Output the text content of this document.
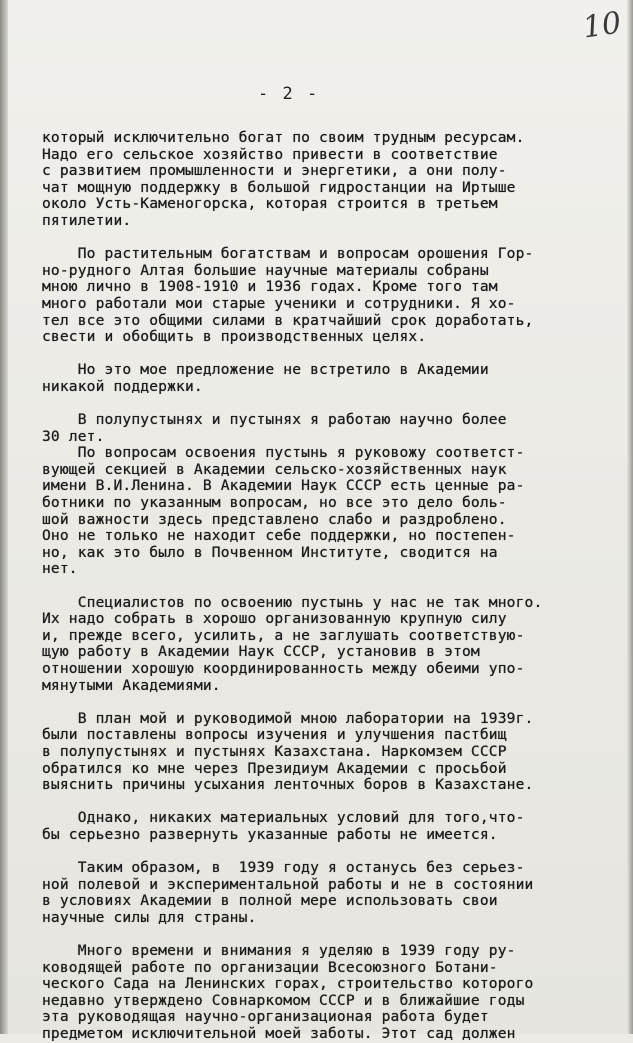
10
- 2 -
который исключительно богат по своим трудным ресурсам.
Надо его сельское хозяйство привести в соответствие
с развитием промышленности и энергетики, а они полу-
чат мощную поддержку в большой гидростанции на Иртыше
около Усть-Каменогорска, которая строится в третьем
пятилетии.
По растительным богатствам и вопросам орошения Гор-
но-рудного Алтая большие научные материалы собраны
мною лично в 1908-1910 и 1936 годах. Кроме того там
много работали мои старые ученики и сотрудники. Я хо-
тел все это общими силами в кратчайший срок доработать,
свести и обобщить в производственных целях.
Но это мое предложение не встретило в Академии
никакой поддержки.
В полупустынях и пустынях я работаю научно более
30 лет.
По вопросам освоения пустынь я руковожу соответст-
вующей секцией в Академии сельско-хозяйственных наук
имени В.И.Ленина. В Академии Наук СССР есть ценные ра-
ботники по указанным вопросам, но все это дело боль-
шой важности здесь представлено слабо и раздроблено.
Оно не только не находит себе поддержки, но постепен-
но, как это было в Почвенном Институте, сводится на
нет.
Специалистов по освоению пустынь у нас не так много.
Их надо собрать в хорошо организованную крупную силу
и, прежде всего, усилить, а не заглушать соответствую-
щую работу в Академии Наук СССР, установив в этом
отношении хорошую координированность между обеими упо-
мянутыми Академиями.
В план мой и руководимой мною лаборатории на 1939г.
были поставлены вопросы изучения и улучшения пастбищ
в полупустынях и пустынях Казахстана. Наркомзем СССР
обратился ко мне через Президиум Академии с просьбой
выяснить причины усыхания ленточных боров в Казахстане.
Однако, никаких материальных условий для того,что-
бы серьезно развернуть указанные работы не имеется.
Таким образом, в  1939 году я останусь без серьез-
ной полевой и экспериментальной работы и не в состоянии
в условиях Академии в полной мере использовать свои
научные силы для страны.
Много времени и внимания я уделяю в 1939 году ру-
ководящей работе по организации Всесоюзного Ботани-
ческого Сада на Ленинских горах, строительство которого
недавно утверждено Совнаркомом СССР и в ближайшие годы
эта руководящая научно-организационая работа будет
предметом исключительной моей заботы. Этот сад должен
